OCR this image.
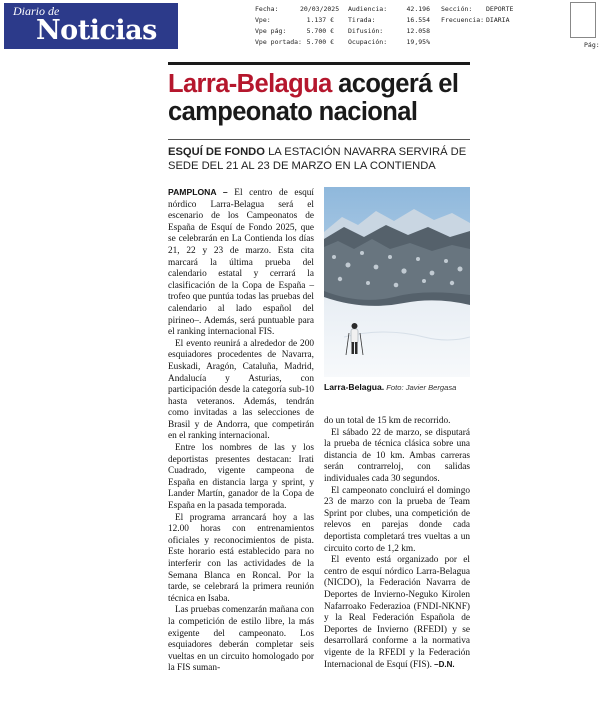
Diario de
Noticias
Fecha:
Vpe:
Vpe pág:
Vpe portada:
20/03/2025
1.137 €
5.700 €
5.700 €
Audiencia:
Tirada:
Difusión:
Ocupación:
42.196
16.554
12.058
19,95%
Sección:
Frecuencia:
DEPORTE
DIARIA
Pág:
Larra-Belagua acogerá el campeonato nacional
ESQUÍ DE FONDO LA ESTACIÓN NAVARRA SERVIRÁ DE SEDE DEL 21 AL 23 DE MARZO EN LA CONTIENDA

PAMPLONA – El centro de esquí nórdico Larra-Belagua será el escenario de los Campeonatos de España de Esquí de Fondo 2025, que se celebrarán en La Contienda los días 21, 22 y 23 de marzo. Esta cita marcará la última prueba del calendario estatal y cerrará la clasificación de la Copa de España –trofeo que puntúa todas las pruebas del calendario al lado español del pirineo–. Además, será puntuable para el ranking internacional FIS.

El evento reunirá a alrededor de 200 esquiadores procedentes de Navarra, Euskadi, Aragón, Cataluña, Madrid, Andalucía y Asturias, con participación desde la categoría sub-10 hasta veteranos. Además, tendrán como invitadas a las selecciones de Brasil y de Andorra, que competirán en el ranking internacional.

Entre los nombres de las y los deportistas presentes destacan: Irati Cuadrado, vigente campeona de España en distancia larga y sprint, y Lander Martín, ganador de la Copa de España en la pasada temporada.

El programa arrancará hoy a las 12.00 horas con entrenamientos oficiales y reconocimientos de pista. Este horario está establecido para no interferir con las actividades de la Semana Blanca en Roncal. Por la tarde, se celebrará la primera reunión técnica en Isaba.

Las pruebas comenzarán mañana con la competición de estilo libre, la más exigente del campeonato. Los esquiadores deberán completar seis vueltas en un circuito homologado por la FIS suman-

Larra-Belagua. Foto: Javier Bergasa

do un total de 15 km de recorrido.

El sábado 22 de marzo, se disputará la prueba de técnica clásica sobre una distancia de 10 km. Ambas carreras serán contrarreloj, con salidas individuales cada 30 segundos.

El campeonato concluirá el domingo 23 de marzo con la prueba de Team Sprint por clubes, una competición de relevos en parejas donde cada deportista completará tres vueltas a un circuito corto de 1,2 km.

El evento está organizado por el centro de esquí nórdico Larra-Belagua (NICDO), la Federación Navarra de Deportes de Invierno-Neguko Kirolen Nafarroako Federazioa (FNDI-NKNF) y la Real Federación Española de Deportes de Invierno (RFEDI) y se desarrollará conforme a la normativa vigente de la RFEDI y la Federación Internacional de Esquí (FIS). –D.N.
